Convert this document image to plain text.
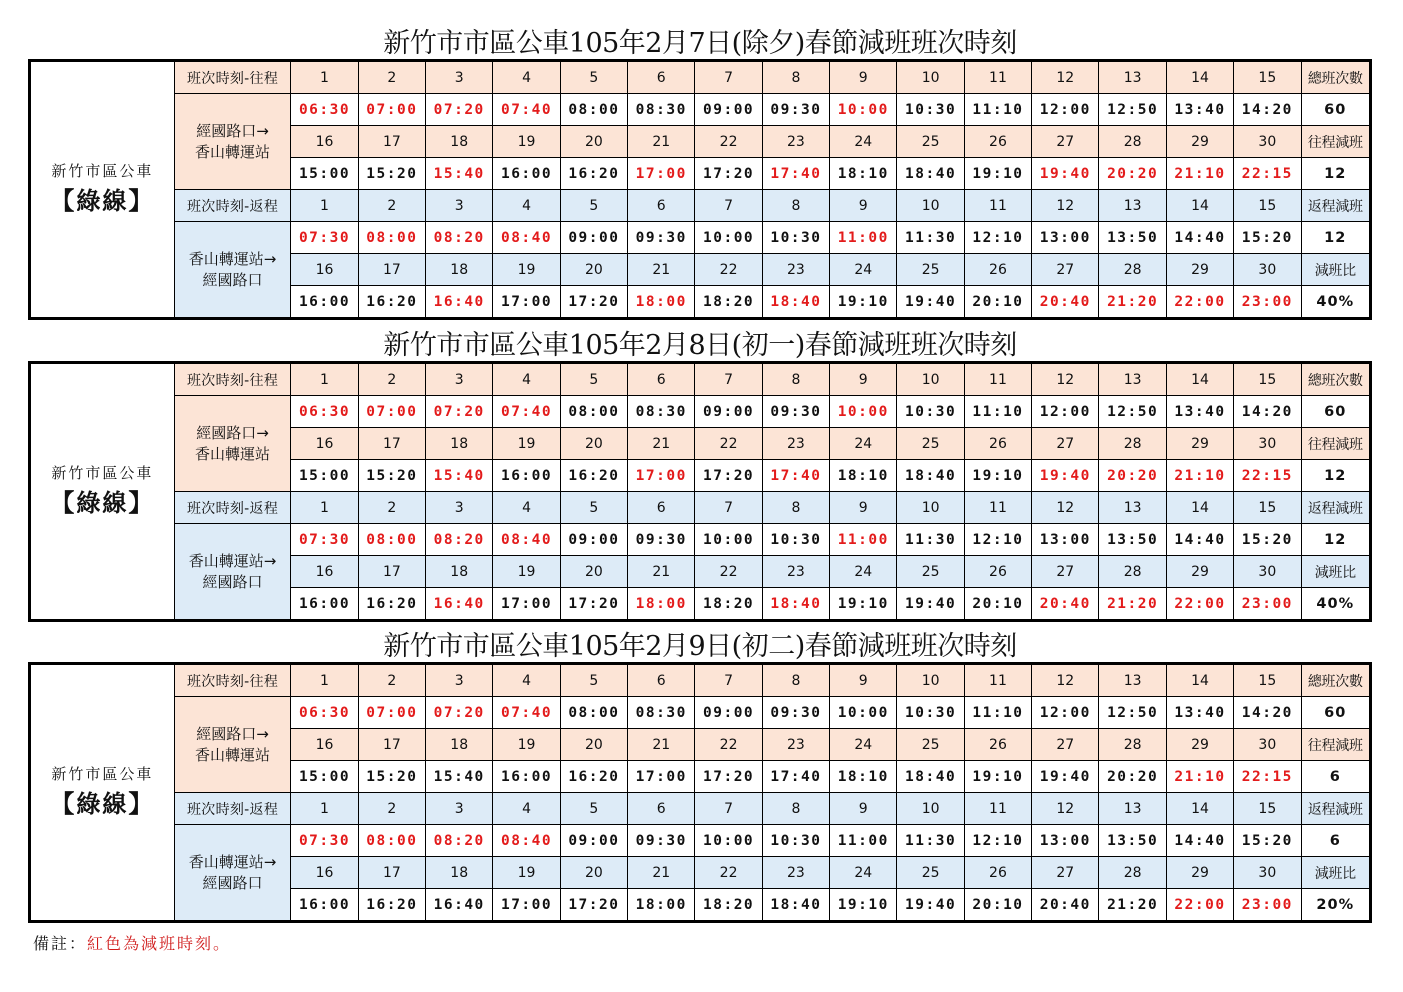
新竹市市區公車105年2月7日(除夕)春節減班班次時刻
新竹市區公車
【綠線】	班次時刻-往程	1	2	3	4	5	6	7	8	9	10	11	12	13	14	15	總班次數
	經國路口→
香山轉運站	06:30	07:00	07:20	07:40	08:00	08:30	09:00	09:30	10:00	10:30	11:10	12:00	12:50	13:40	14:20	60
		16	17	18	19	20	21	22	23	24	25	26	27	28	29	30	往程減班
		15:00	15:20	15:40	16:00	16:20	17:00	17:20	17:40	18:10	18:40	19:10	19:40	20:20	21:10	22:15	12
	班次時刻-返程	1	2	3	4	5	6	7	8	9	10	11	12	13	14	15	返程減班
	香山轉運站→
經國路口	07:30	08:00	08:20	08:40	09:00	09:30	10:00	10:30	11:00	11:30	12:10	13:00	13:50	14:40	15:20	12
		16	17	18	19	20	21	22	23	24	25	26	27	28	29	30	減班比
		16:00	16:20	16:40	17:00	17:20	18:00	18:20	18:40	19:10	19:40	20:10	20:40	21:20	22:00	23:00	40%
新竹市市區公車105年2月8日(初一)春節減班班次時刻
新竹市區公車
【綠線】	班次時刻-往程	1	2	3	4	5	6	7	8	9	10	11	12	13	14	15	總班次數
	經國路口→
香山轉運站	06:30	07:00	07:20	07:40	08:00	08:30	09:00	09:30	10:00	10:30	11:10	12:00	12:50	13:40	14:20	60
		16	17	18	19	20	21	22	23	24	25	26	27	28	29	30	往程減班
		15:00	15:20	15:40	16:00	16:20	17:00	17:20	17:40	18:10	18:40	19:10	19:40	20:20	21:10	22:15	12
	班次時刻-返程	1	2	3	4	5	6	7	8	9	10	11	12	13	14	15	返程減班
	香山轉運站→
經國路口	07:30	08:00	08:20	08:40	09:00	09:30	10:00	10:30	11:00	11:30	12:10	13:00	13:50	14:40	15:20	12
		16	17	18	19	20	21	22	23	24	25	26	27	28	29	30	減班比
		16:00	16:20	16:40	17:00	17:20	18:00	18:20	18:40	19:10	19:40	20:10	20:40	21:20	22:00	23:00	40%
新竹市市區公車105年2月9日(初二)春節減班班次時刻
新竹市區公車
【綠線】	班次時刻-往程	1	2	3	4	5	6	7	8	9	10	11	12	13	14	15	總班次數
	經國路口→
香山轉運站	06:30	07:00	07:20	07:40	08:00	08:30	09:00	09:30	10:00	10:30	11:10	12:00	12:50	13:40	14:20	60
		16	17	18	19	20	21	22	23	24	25	26	27	28	29	30	往程減班
		15:00	15:20	15:40	16:00	16:20	17:00	17:20	17:40	18:10	18:40	19:10	19:40	20:20	21:10	22:15	6
	班次時刻-返程	1	2	3	4	5	6	7	8	9	10	11	12	13	14	15	返程減班
	香山轉運站→
經國路口	07:30	08:00	08:20	08:40	09:00	09:30	10:00	10:30	11:00	11:30	12:10	13:00	13:50	14:40	15:20	6
		16	17	18	19	20	21	22	23	24	25	26	27	28	29	30	減班比
		16:00	16:20	16:40	17:00	17:20	18:00	18:20	18:40	19:10	19:40	20:10	20:40	21:20	22:00	23:00	20%
備註：紅色為減班時刻。
